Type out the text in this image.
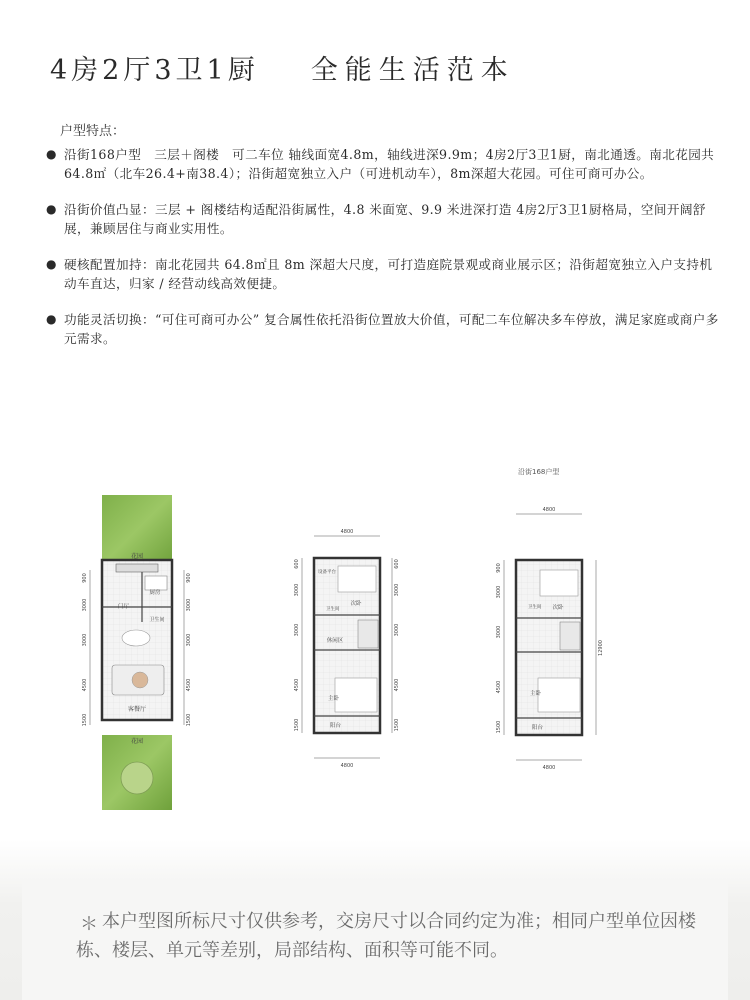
4房2厅3卫1厨 全能生活范本
户型特点：
● 沿街168户型　三层＋阁楼　可二车位 轴线面宽4.8m，轴线进深9.9m；4房2厅3卫1厨，南北通透。南北花园共64.8㎡（北车26.4+南38.4）；沿街超宽独立入户（可进机动车），8m深超大花园。可住可商可办公。
● 沿街价值凸显：三层 + 阁楼结构适配沿街属性，4.8 米面宽、9.9 米进深打造 4房2厅3卫1厨格局，空间开阔舒展，兼顾居住与商业实用性。
● 硬核配置加持：南北花园共 64.8㎡且 8m 深超大尺度，可打造庭院景观或商业展示区；沿街超宽独立入户支持机动车直达，归家 / 经营动线高效便捷。
● 功能灵活切换：“可住可商可办公” 复合属性依托沿街位置放大价值，可配二车位解决多车停放，满足家庭或商户多元需求。
沿街168户型
花园
厨房
门厅
卫生间
客餐厅
花园
900
3000
3000
4500
1500
900
3000
3000
4500
1500
4800
设备平台
次卧
卫生间
休闲区
主卧
阳台
4800
600
3000
3000
4500
1500
600
3000
3000
4500
1500
4800
次卧
卫生间
主卧
阳台
4800
900
3000
3000
4500
1500
12900
＊ 本户型图所标尺寸仅供参考，交房尺寸以合同约定为准；相同户型单位因楼栋、楼层、单元等差别，局部结构、面积等可能不同。
